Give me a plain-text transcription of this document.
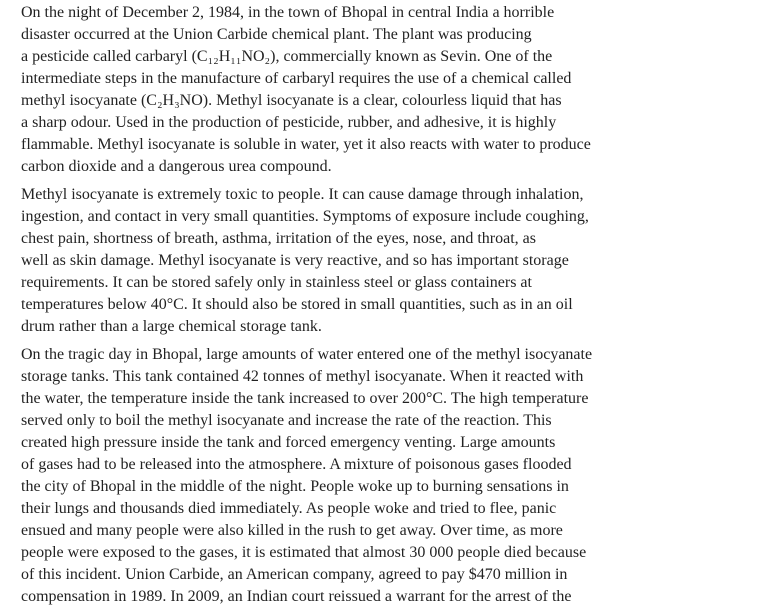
On the night of December 2, 1984, in the town of Bhopal in central India a horrible
disaster occurred at the Union Carbide chemical plant. The plant was producing
a pesticide called carbaryl (C₁₂H₁₁NO₂), commercially known as Sevin. One of the
intermediate steps in the manufacture of carbaryl requires the use of a chemical called
methyl isocyanate (C₂H₃NO). Methyl isocyanate is a clear, colourless liquid that has
a sharp odour. Used in the production of pesticide, rubber, and adhesive, it is highly
flammable. Methyl isocyanate is soluble in water, yet it also reacts with water to produce
carbon dioxide and a dangerous urea compound.
Methyl isocyanate is extremely toxic to people. It can cause damage through inhalation,
ingestion, and contact in very small quantities. Symptoms of exposure include coughing,
chest pain, shortness of breath, asthma, irritation of the eyes, nose, and throat, as
well as skin damage. Methyl isocyanate is very reactive, and so has important storage
requirements. It can be stored safely only in stainless steel or glass containers at
temperatures below 40°C. It should also be stored in small quantities, such as in an oil
drum rather than a large chemical storage tank.
On the tragic day in Bhopal, large amounts of water entered one of the methyl isocyanate
storage tanks. This tank contained 42 tonnes of methyl isocyanate. When it reacted with
the water, the temperature inside the tank increased to over 200°C. The high temperature
served only to boil the methyl isocyanate and increase the rate of the reaction. This
created high pressure inside the tank and forced emergency venting. Large amounts
of gases had to be released into the atmosphere. A mixture of poisonous gases flooded
the city of Bhopal in the middle of the night. People woke up to burning sensations in
their lungs and thousands died immediately. As people woke and tried to flee, panic
ensued and many people were also killed in the rush to get away. Over time, as more
people were exposed to the gases, it is estimated that almost 30 000 people died because
of this incident. Union Carbide, an American company, agreed to pay $470 million in
compensation in 1989. In 2009, an Indian court reissued a warrant for the arrest of the
